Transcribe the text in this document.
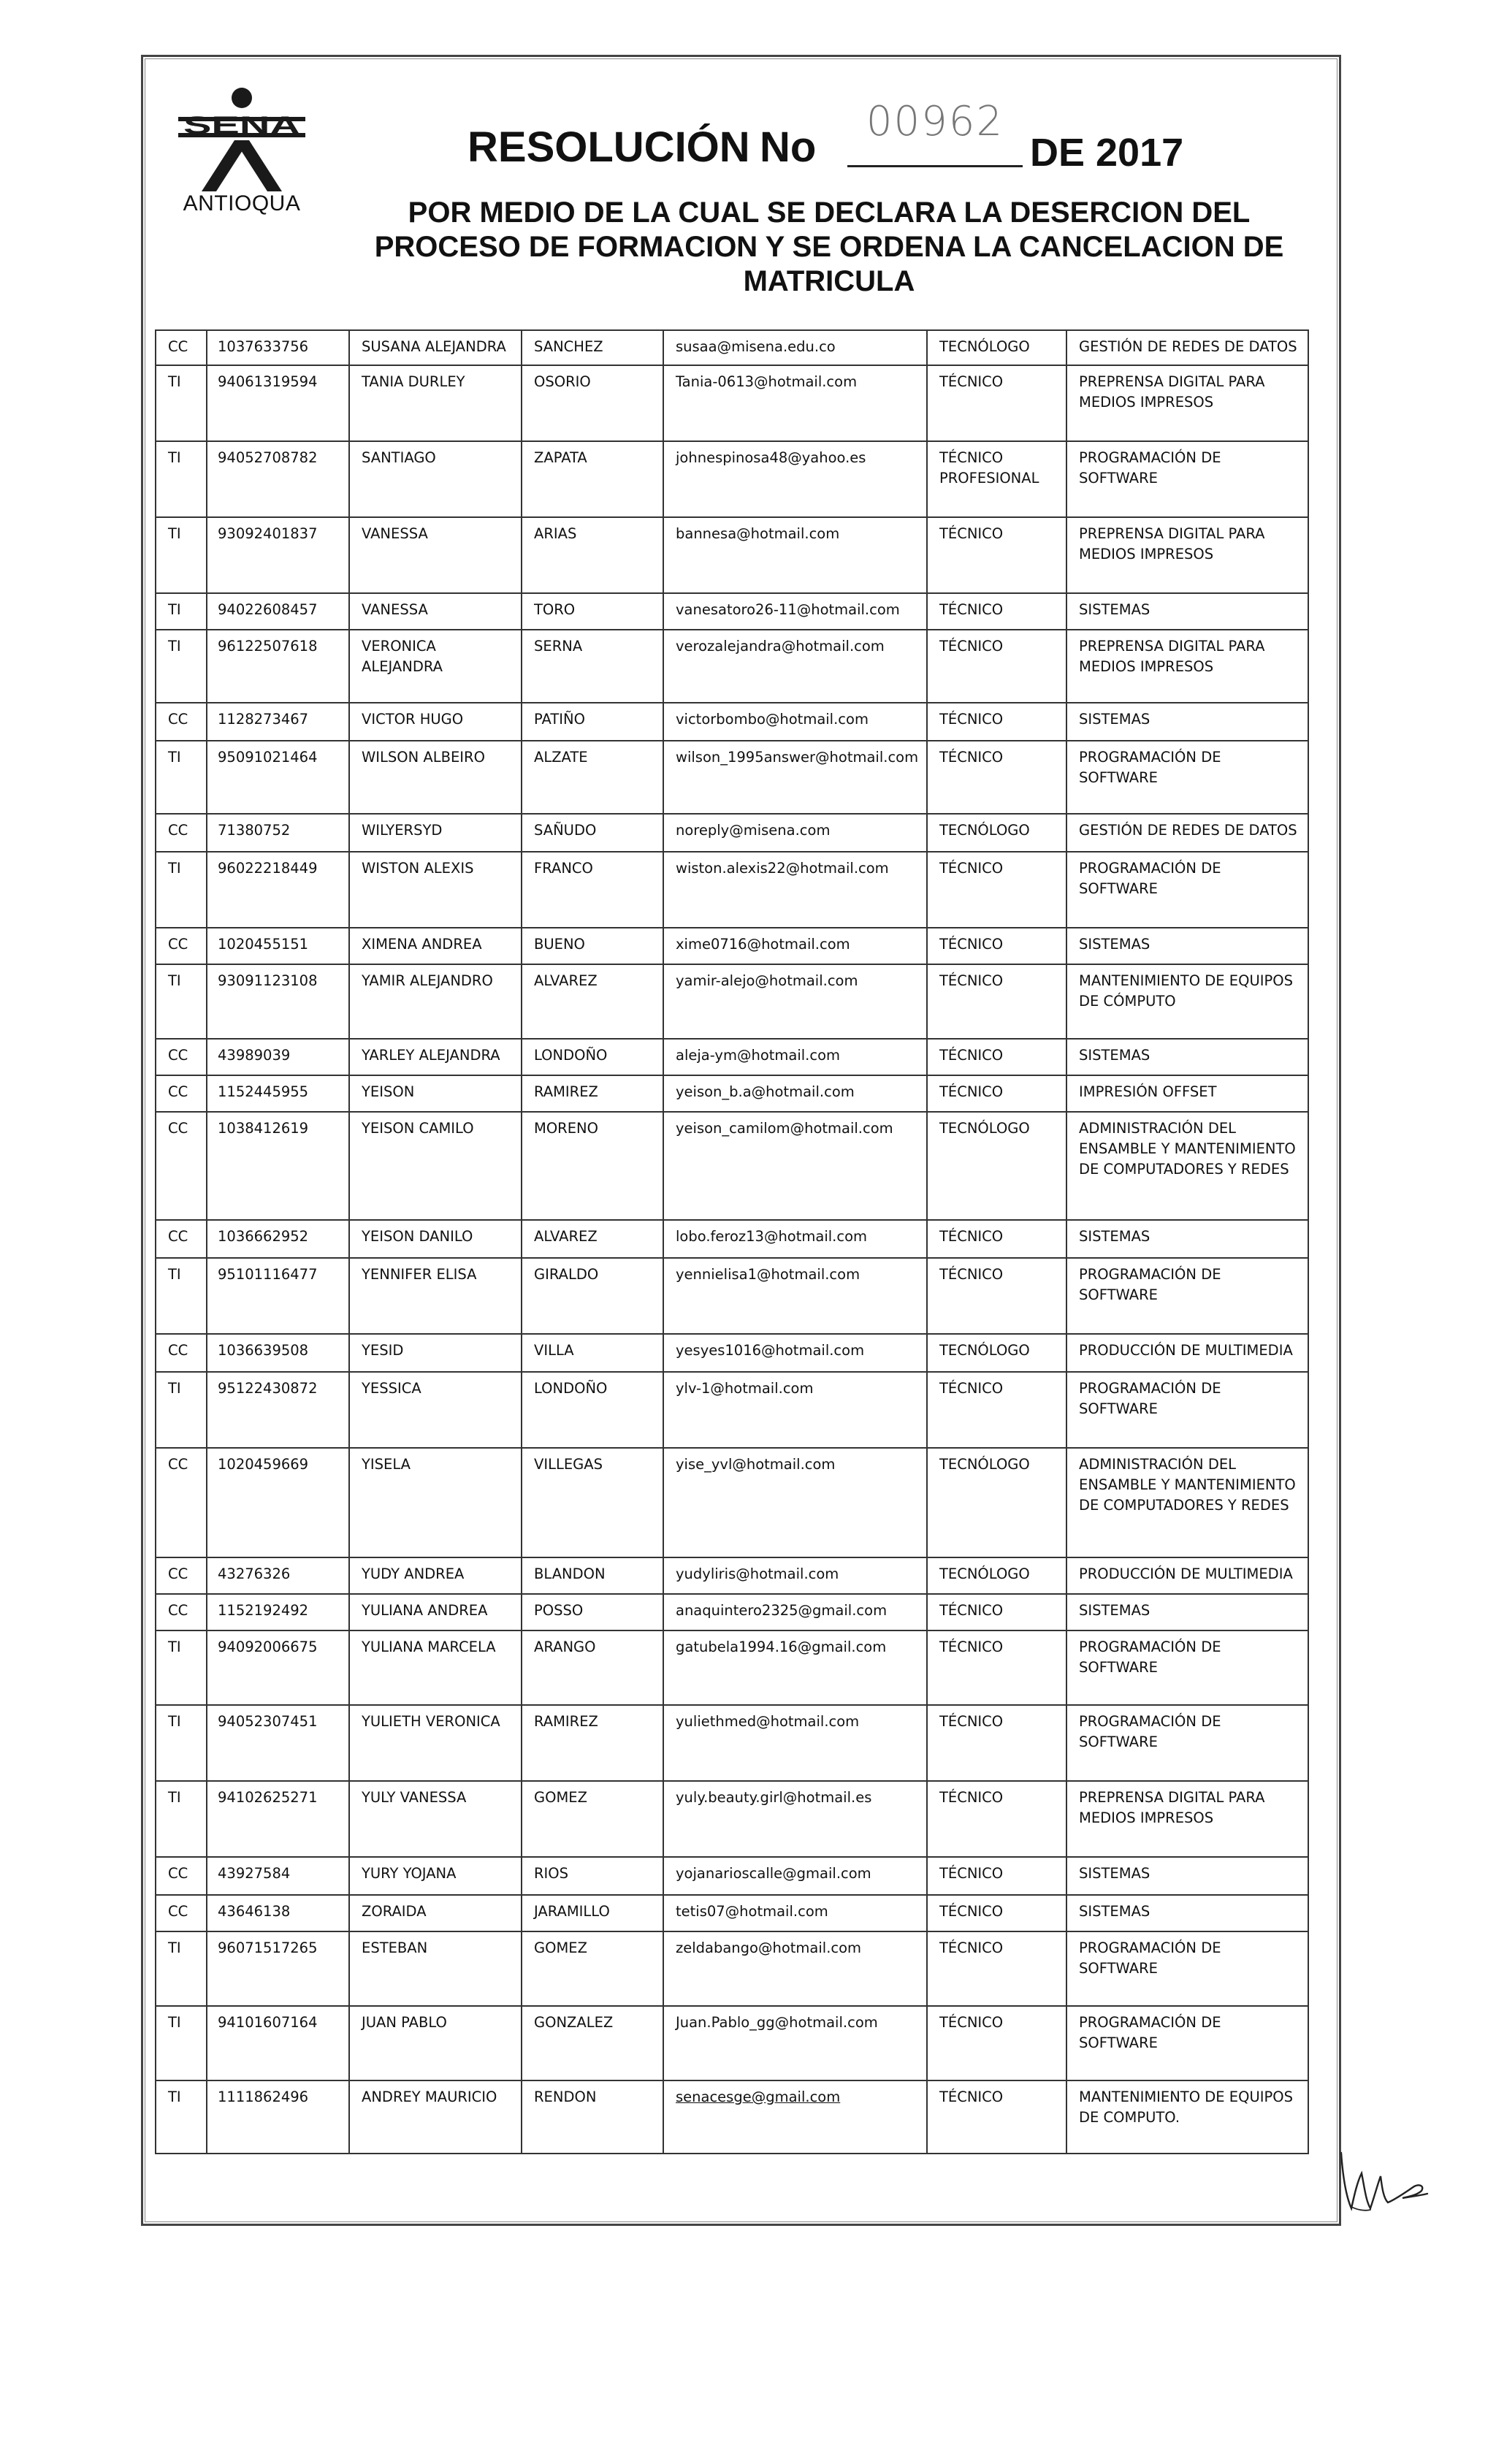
SENA
ANTIOQUA
RESOLUCIÓN No
00962
DE 2017
POR MEDIO DE LA CUAL SE DECLARA LA DESERCION DEL PROCESO DE FORMACION Y SE ORDENA LA CANCELACION DE MATRICULA
CC	1037633756	SUSANA ALEJANDRA	SANCHEZ	susaa@misena.edu.co	TECNÓLOGO	GESTIÓN DE REDES DE DATOS
TI	94061319594	TANIA DURLEY	OSORIO	Tania-0613@hotmail.com	TÉCNICO	PREPRENSA DIGITAL PARA MEDIOS IMPRESOS
TI	94052708782	SANTIAGO	ZAPATA	johnespinosa48@yahoo.es	TÉCNICO PROFESIONAL	PROGRAMACIÓN DE SOFTWARE
TI	93092401837	VANESSA	ARIAS	bannesa@hotmail.com	TÉCNICO	PREPRENSA DIGITAL PARA MEDIOS IMPRESOS
TI	94022608457	VANESSA	TORO	vanesatoro26-11@hotmail.com	TÉCNICO	SISTEMAS
TI	96122507618	VERONICA ALEJANDRA	SERNA	verozalejandra@hotmail.com	TÉCNICO	PREPRENSA DIGITAL PARA MEDIOS IMPRESOS
CC	1128273467	VICTOR HUGO	PATIÑO	victorbombo@hotmail.com	TÉCNICO	SISTEMAS
TI	95091021464	WILSON ALBEIRO	ALZATE	wilson_1995answer@hotmail.com	TÉCNICO	PROGRAMACIÓN DE SOFTWARE
CC	71380752	WILYERSYD	SAÑUDO	noreply@misena.com	TECNÓLOGO	GESTIÓN DE REDES DE DATOS
TI	96022218449	WISTON ALEXIS	FRANCO	wiston.alexis22@hotmail.com	TÉCNICO	PROGRAMACIÓN DE SOFTWARE
CC	1020455151	XIMENA ANDREA	BUENO	xime0716@hotmail.com	TÉCNICO	SISTEMAS
TI	93091123108	YAMIR ALEJANDRO	ALVAREZ	yamir-alejo@hotmail.com	TÉCNICO	MANTENIMIENTO DE EQUIPOS DE CÓMPUTO
CC	43989039	YARLEY ALEJANDRA	LONDOÑO	aleja-ym@hotmail.com	TÉCNICO	SISTEMAS
CC	1152445955	YEISON	RAMIREZ	yeison_b.a@hotmail.com	TÉCNICO	IMPRESIÓN OFFSET
CC	1038412619	YEISON CAMILO	MORENO	yeison_camilom@hotmail.com	TECNÓLOGO	ADMINISTRACIÓN DEL ENSAMBLE Y MANTENIMIENTO DE COMPUTADORES Y REDES
CC	1036662952	YEISON DANILO	ALVAREZ	lobo.feroz13@hotmail.com	TÉCNICO	SISTEMAS
TI	95101116477	YENNIFER ELISA	GIRALDO	yennielisa1@hotmail.com	TÉCNICO	PROGRAMACIÓN DE SOFTWARE
CC	1036639508	YESID	VILLA	yesyes1016@hotmail.com	TECNÓLOGO	PRODUCCIÓN DE MULTIMEDIA
TI	95122430872	YESSICA	LONDOÑO	ylv-1@hotmail.com	TÉCNICO	PROGRAMACIÓN DE SOFTWARE
CC	1020459669	YISELA	VILLEGAS	yise_yvl@hotmail.com	TECNÓLOGO	ADMINISTRACIÓN DEL ENSAMBLE Y MANTENIMIENTO DE COMPUTADORES Y REDES
CC	43276326	YUDY ANDREA	BLANDON	yudyliris@hotmail.com	TECNÓLOGO	PRODUCCIÓN DE MULTIMEDIA
CC	1152192492	YULIANA ANDREA	POSSO	anaquintero2325@gmail.com	TÉCNICO	SISTEMAS
TI	94092006675	YULIANA MARCELA	ARANGO	gatubela1994.16@gmail.com	TÉCNICO	PROGRAMACIÓN DE SOFTWARE
TI	94052307451	YULIETH VERONICA	RAMIREZ	yuliethmed@hotmail.com	TÉCNICO	PROGRAMACIÓN DE SOFTWARE
TI	94102625271	YULY VANESSA	GOMEZ	yuly.beauty.girl@hotmail.es	TÉCNICO	PREPRENSA DIGITAL PARA MEDIOS IMPRESOS
CC	43927584	YURY YOJANA	RIOS	yojanarioscalle@gmail.com	TÉCNICO	SISTEMAS
CC	43646138	ZORAIDA	JARAMILLO	tetis07@hotmail.com	TÉCNICO	SISTEMAS
TI	96071517265	ESTEBAN	GOMEZ	zeldabango@hotmail.com	TÉCNICO	PROGRAMACIÓN DE SOFTWARE
TI	94101607164	JUAN PABLO	GONZALEZ	Juan.Pablo_gg@hotmail.com	TÉCNICO	PROGRAMACIÓN DE SOFTWARE
TI	1111862496	ANDREY MAURICIO	RENDON	senacesge@gmail.com	TÉCNICO	MANTENIMIENTO DE EQUIPOS DE COMPUTO.
